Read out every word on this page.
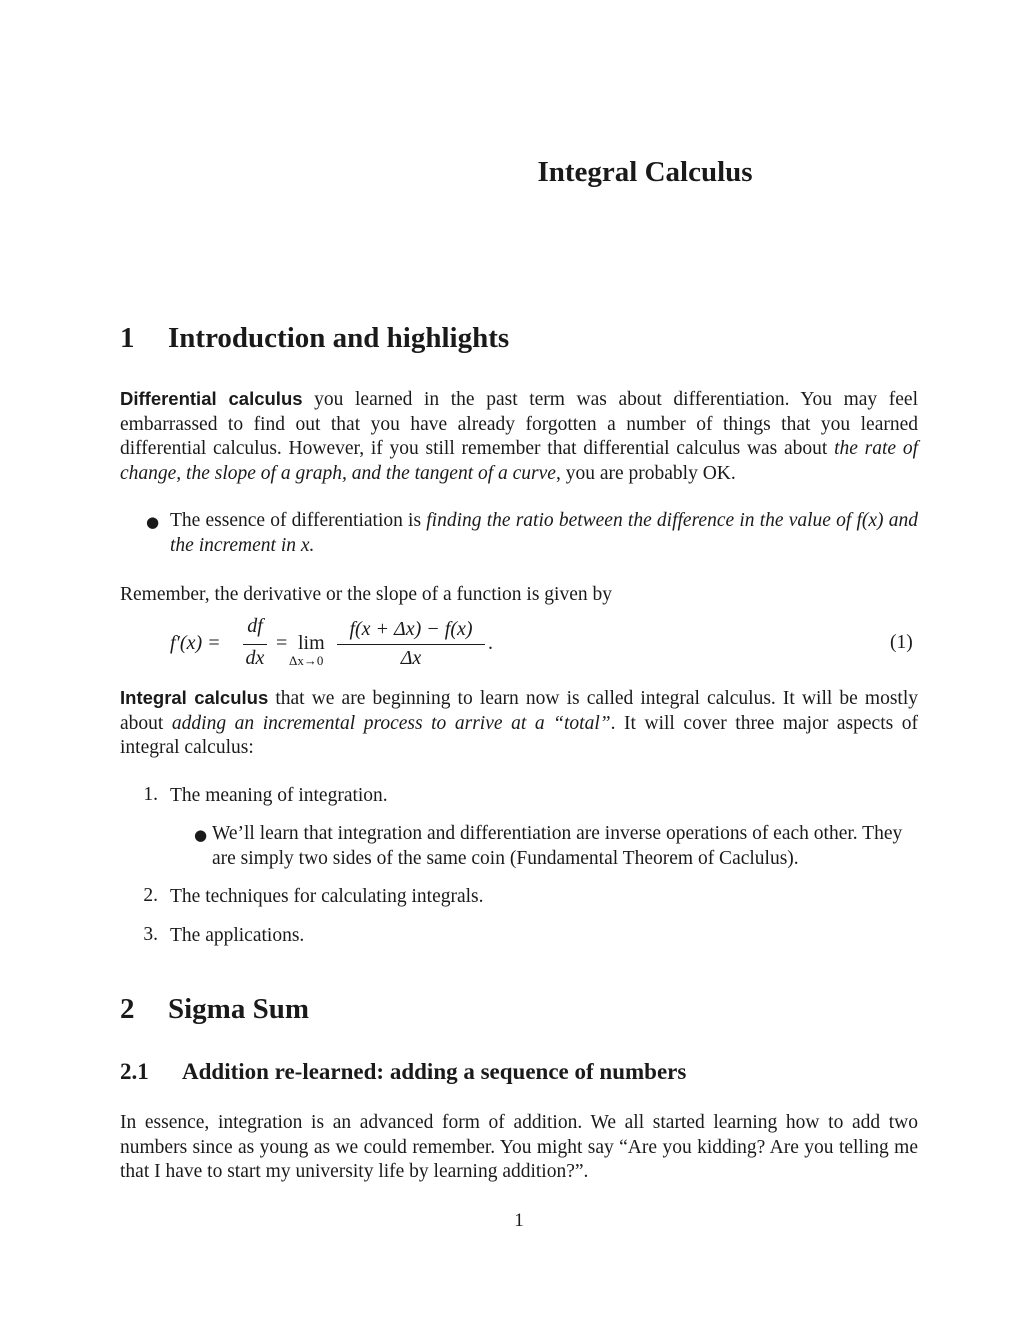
Integral Calculus
1 Introduction and highlights

Differential calculus you learned in the past term was about differentiation. You may feel embarrassed to find out that you have already forgotten a number of things that you learned differential calculus. However, if you still remember that differential calculus was about the rate of change, the slope of a graph, and the tangent of a curve, you are probably OK.

● The essence of differentiation is finding the ratio between the difference in the value of f(x) and the increment in x.

Remember, the derivative or the slope of a function is given by

f′(x) =
df
dx
= lim
Δx→0
f(x + Δx) − f(x)
Δx
.	(1)

Integral calculus that we are beginning to learn now is called integral calculus. It will be mostly about adding an incremental process to arrive at a “total”. It will cover three major aspects of integral calculus:

1. The meaning of integration.

● We’ll learn that integration and differentiation are inverse operations of each other. They are simply two sides of the same coin (Fundamental Theorem of Caclulus).

2. The techniques for calculating integrals.

3. The applications.

2 Sigma Sum
2.1 Addition re-learned: adding a sequence of numbers

In essence, integration is an advanced form of addition. We all started learning how to add two numbers since as young as we could remember. You might say “Are you kidding? Are you telling me that I have to start my university life by learning addition?”.

1
